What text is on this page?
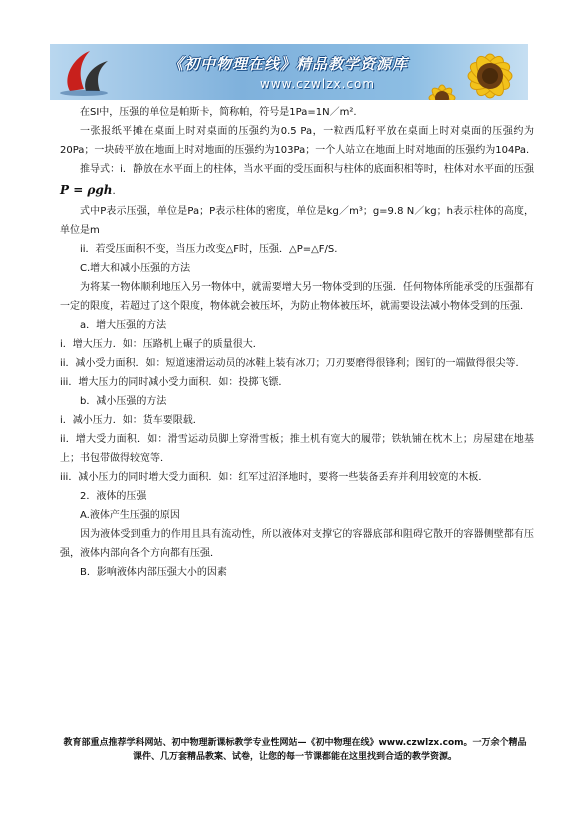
《初中物理在线》精品教学资源库
www.czwlzx.com

在SI中，压强的单位是帕斯卡，简称帕，符号是1Pa=1N／m².

一张报纸平摊在桌面上时对桌面的压强约为0.5 Pa，一粒西瓜籽平放在桌面上时对桌面的压强约为20Pa；一块砖平放在地面上时对地面的压强约为103Pa；一个人站立在地面上时对地面的压强约为104Pa.

推导式：i．静放在水平面上的柱体，当水平面的受压面积与柱体的底面积相等时，柱体对水平面的压强P = ρgh.

式中P表示压强，单位是Pa；P表示柱体的密度，单位是kg／m³；g=9.8 N／kg；h表示柱体的高度，单位是m

ii．若受压面积不变，当压力改变△F时，压强．△P=△F/S.

C.增大和减小压强的方法

为将某一物体顺利地压入另一物体中，就需要增大另一物体受到的压强．任何物体所能承受的压强都有一定的限度，若超过了这个限度，物体就会被压坏，为防止物体被压坏，就需要设法减小物体受到的压强．

a．增大压强的方法

i．增大压力．如：压路机上碾子的质量很大．

ii．减小受力面积．如：短道速滑运动员的冰鞋上装有冰刀；刀刃要磨得很锋利；图钉的一端做得很尖等．

iii．增大压力的同时减小受力面积．如：投掷飞镖．

b．减小压强的方法

i．减小压力．如：货车要限载．

ii．增大受力面积．如：滑雪运动员脚上穿滑雪板；推土机有宽大的履带；铁轨铺在枕木上；房屋建在地基上；书包带做得较宽等．

iii．减小压力的同时增大受力面积．如：红军过沼泽地时，要将一些装备丢弃并利用较宽的木板．

2．液体的压强

A.液体产生压强的原因

因为液体受到重力的作用且具有流动性，所以液体对支撑它的容器底部和阻碍它散开的容器侧壁都有压强，液体内部向各个方向都有压强．

B．影响液体内部压强大小的因素

教育部重点推荐学科网站、初中物理新课标教学专业性网站—《初中物理在线》www.czwlzx.com。一万余个精品
课件、几万套精品教案、试卷，让您的每一节课都能在这里找到合适的教学资源。
